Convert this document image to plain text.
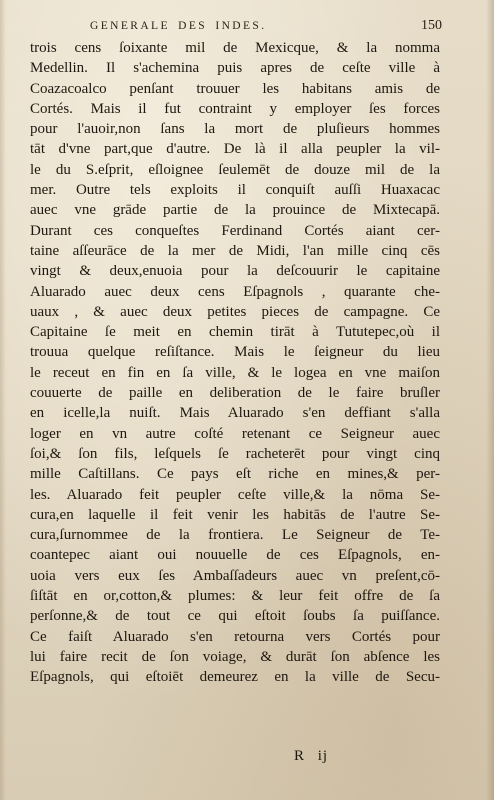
GENERALE DES INDES.	150
trois cens ſoixante mil de Mexicque, & la nomma
Medellin. Il s'achemina puis apres de ceſte ville à
Coazacoalco penſant trouuer les habitans amis de
Cortés. Mais il fut contraint y employer ſes forces
pour l'auoir,non ſans la mort de pluſieurs hommes
tāt d'vne part,que d'autre. De là il alla peupler la vil-
le du S.eſprit, eſloignee ſeulemēt de douze mil de la
mer. Outre tels exploits il conquiſt auſſi Huaxacac
auec vne grāde partie de la prouince de Mixtecapā.
Durant ces conqueſtes Ferdinand Cortés aiant cer-
taine aſſeurāce de la mer de Midi, l'an mille cinq cēs
vingt & deux,enuoia pour la deſcouurir le capitaine
Aluarado auec deux cens Eſpagnols , quarante che-
uaux , & auec deux petites pieces de campagne. Ce
Capitaine ſe meit en chemin tirāt à Tututepec,où il
trouua quelque reſiſtance. Mais le ſeigneur du lieu
le receut en fin en ſa ville, & le logea en vne maiſon
couuerte de paille en deliberation de le faire bruſler
en icelle,la nuiſt. Mais Aluarado s'en deffiant s'alla
loger en vn autre coſté retenant ce Seigneur auec
ſoi,& ſon fils, leſquels ſe racheterēt pour vingt cinq
mille Caſtillans. Ce pays eſt riche en mines,& per-
les. Aluarado feit peupler ceſte ville,& la nōma Se-
cura,en laquelle il feit venir les habitās de l'autre Se-
cura,ſurnommee de la frontiera. Le Seigneur de Te-
coantepec aiant oui nouuelle de ces Eſpagnols, en-
uoia vers eux ſes Ambaſſadeurs auec vn preſent,cō-
ſiſtāt en or,cotton,& plumes: & leur feit offre de ſa
perſonne,& de tout ce qui eſtoit ſoubs ſa puiſſance.
Ce faiſt Aluarado s'en retourna vers Cortés pour
lui faire recit de ſon voiage, & durāt ſon abſence les
Eſpagnols, qui eſtoiēt demeurez en la ville de Secu-
R ij
